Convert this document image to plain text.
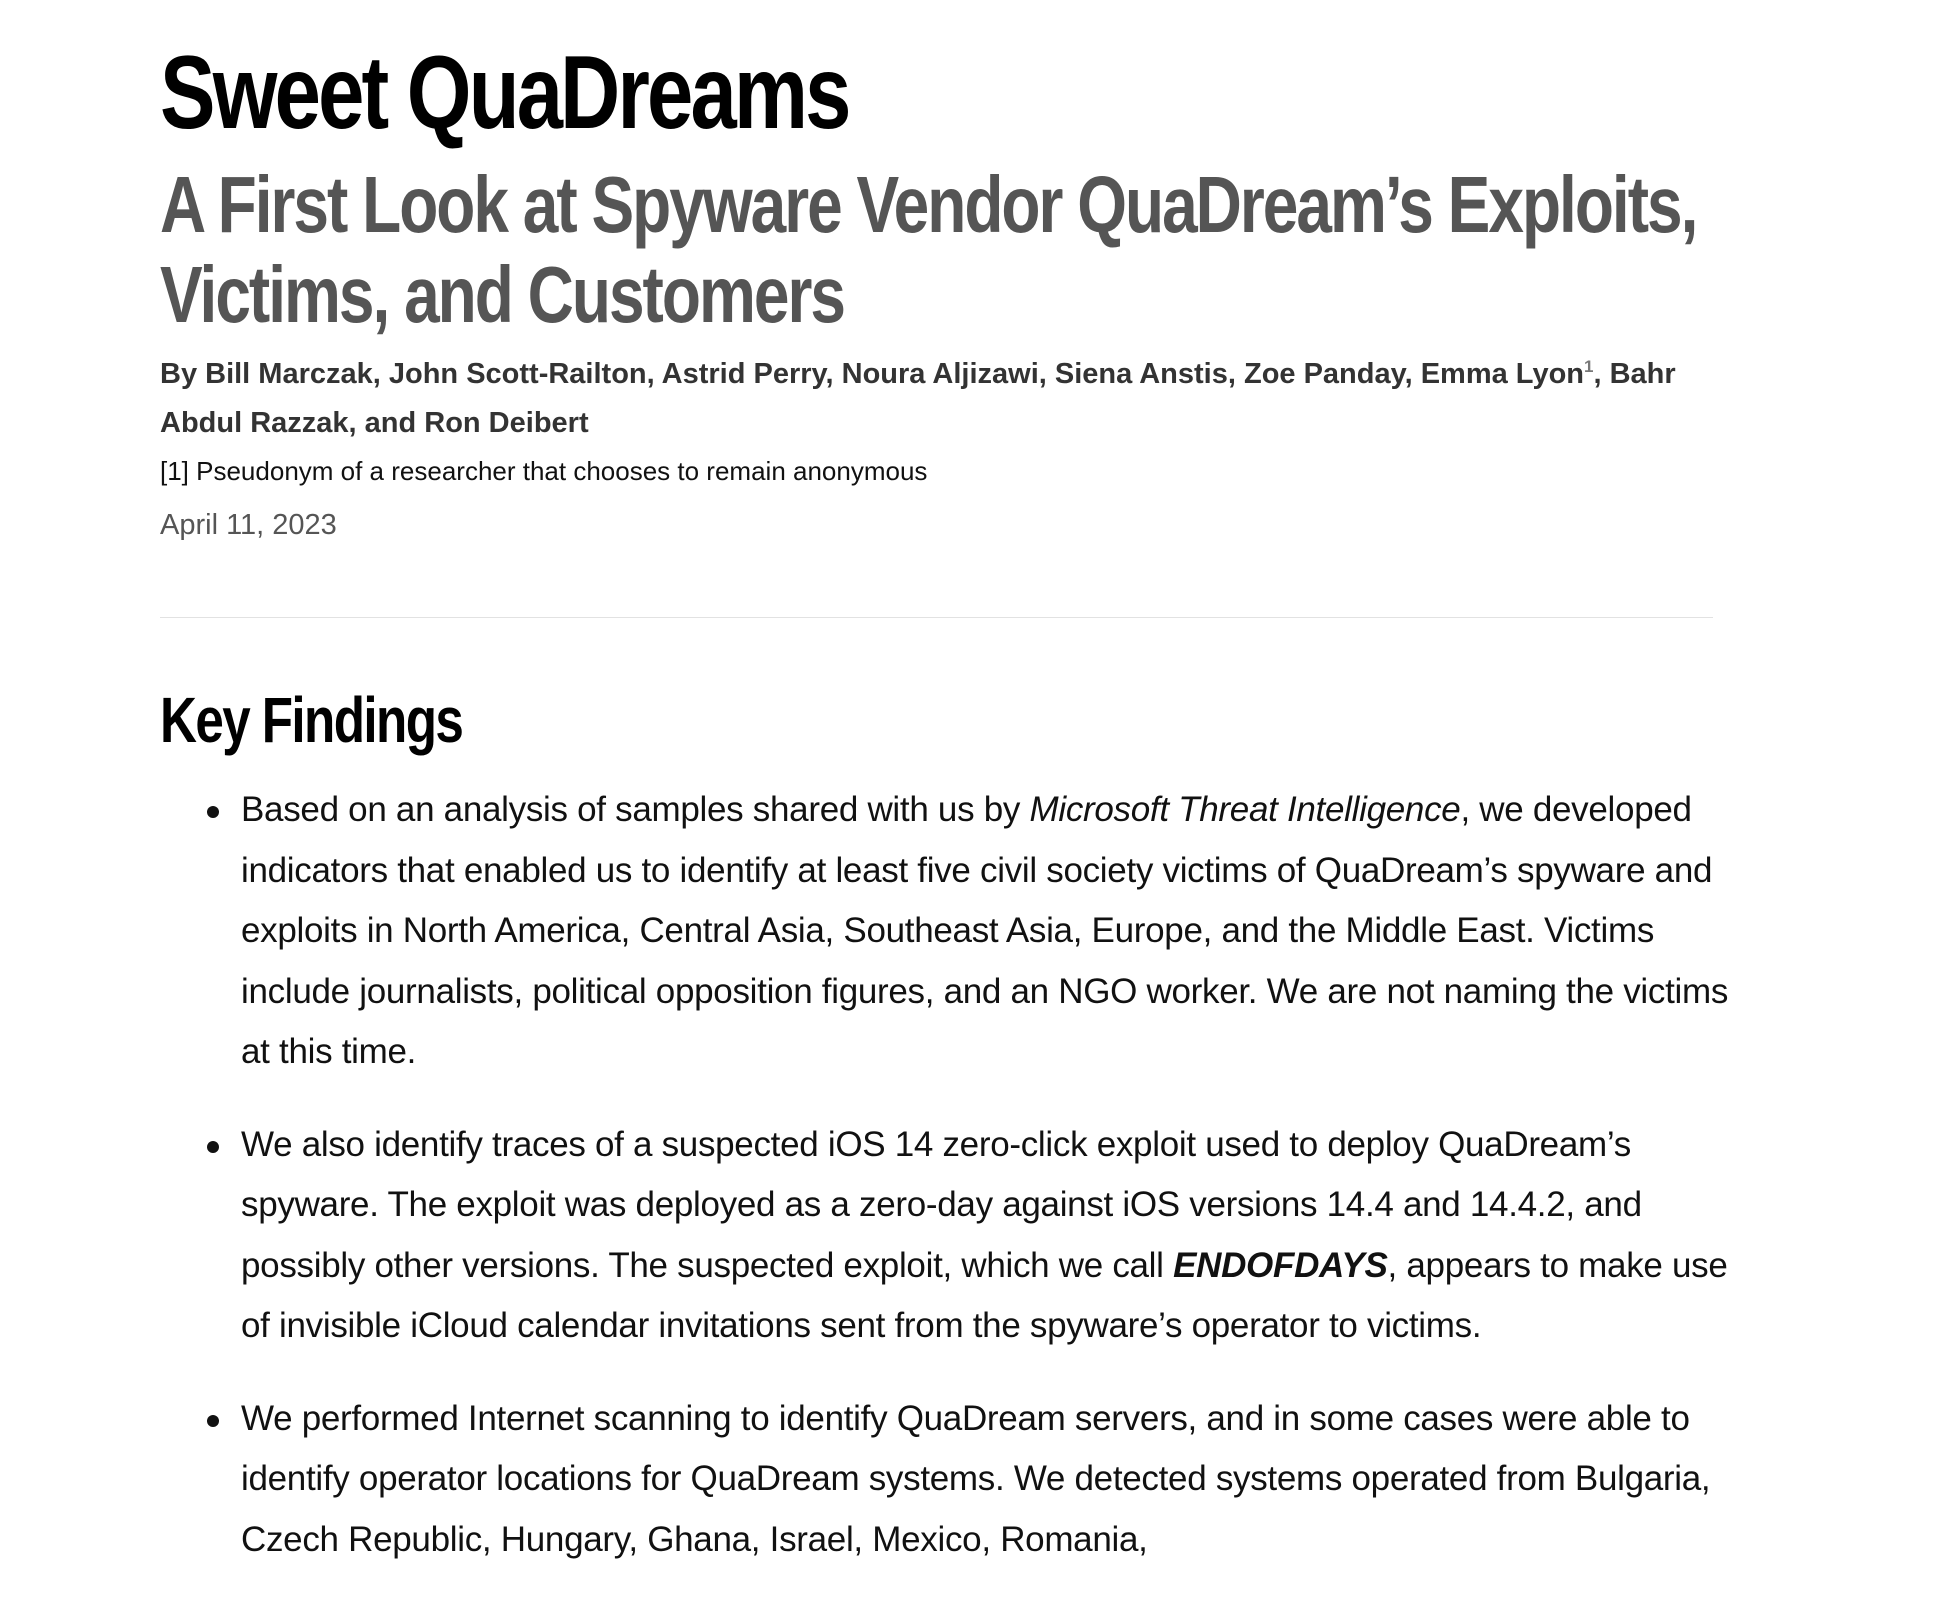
Sweet QuaDreams
A First Look at Spyware Vendor QuaDream’s Exploits, Victims, and Customers
By Bill Marczak, John Scott-Railton, Astrid Perry, Noura Aljizawi, Siena Anstis, Zoe Panday, Emma Lyon$^1$, Bahr Abdul Razzak, and Ron Deibert
[1] Pseudonym of a researcher that chooses to remain anonymous
April 11, 2023
Key Findings
Based on an analysis of samples shared with us by Microsoft Threat Intelligence, we developed indicators that enabled us to identify at least five civil society victims of QuaDream’s spyware and exploits in North America, Central Asia, Southeast Asia, Europe, and the Middle East. Victims include journalists, political opposition figures, and an NGO worker. We are not naming the victims at this time.
We also identify traces of a suspected iOS 14 zero-click exploit used to deploy QuaDream’s spyware. The exploit was deployed as a zero-day against iOS versions 14.4 and 14.4.2, and possibly other versions. The suspected exploit, which we call ENDOFDAYS, appears to make use of invisible iCloud calendar invitations sent from the spyware’s operator to victims.
We performed Internet scanning to identify QuaDream servers, and in some cases were able to identify operator locations for QuaDream systems. We detected systems operated from Bulgaria, Czech Republic, Hungary, Ghana, Israel, Mexico, Romania,
